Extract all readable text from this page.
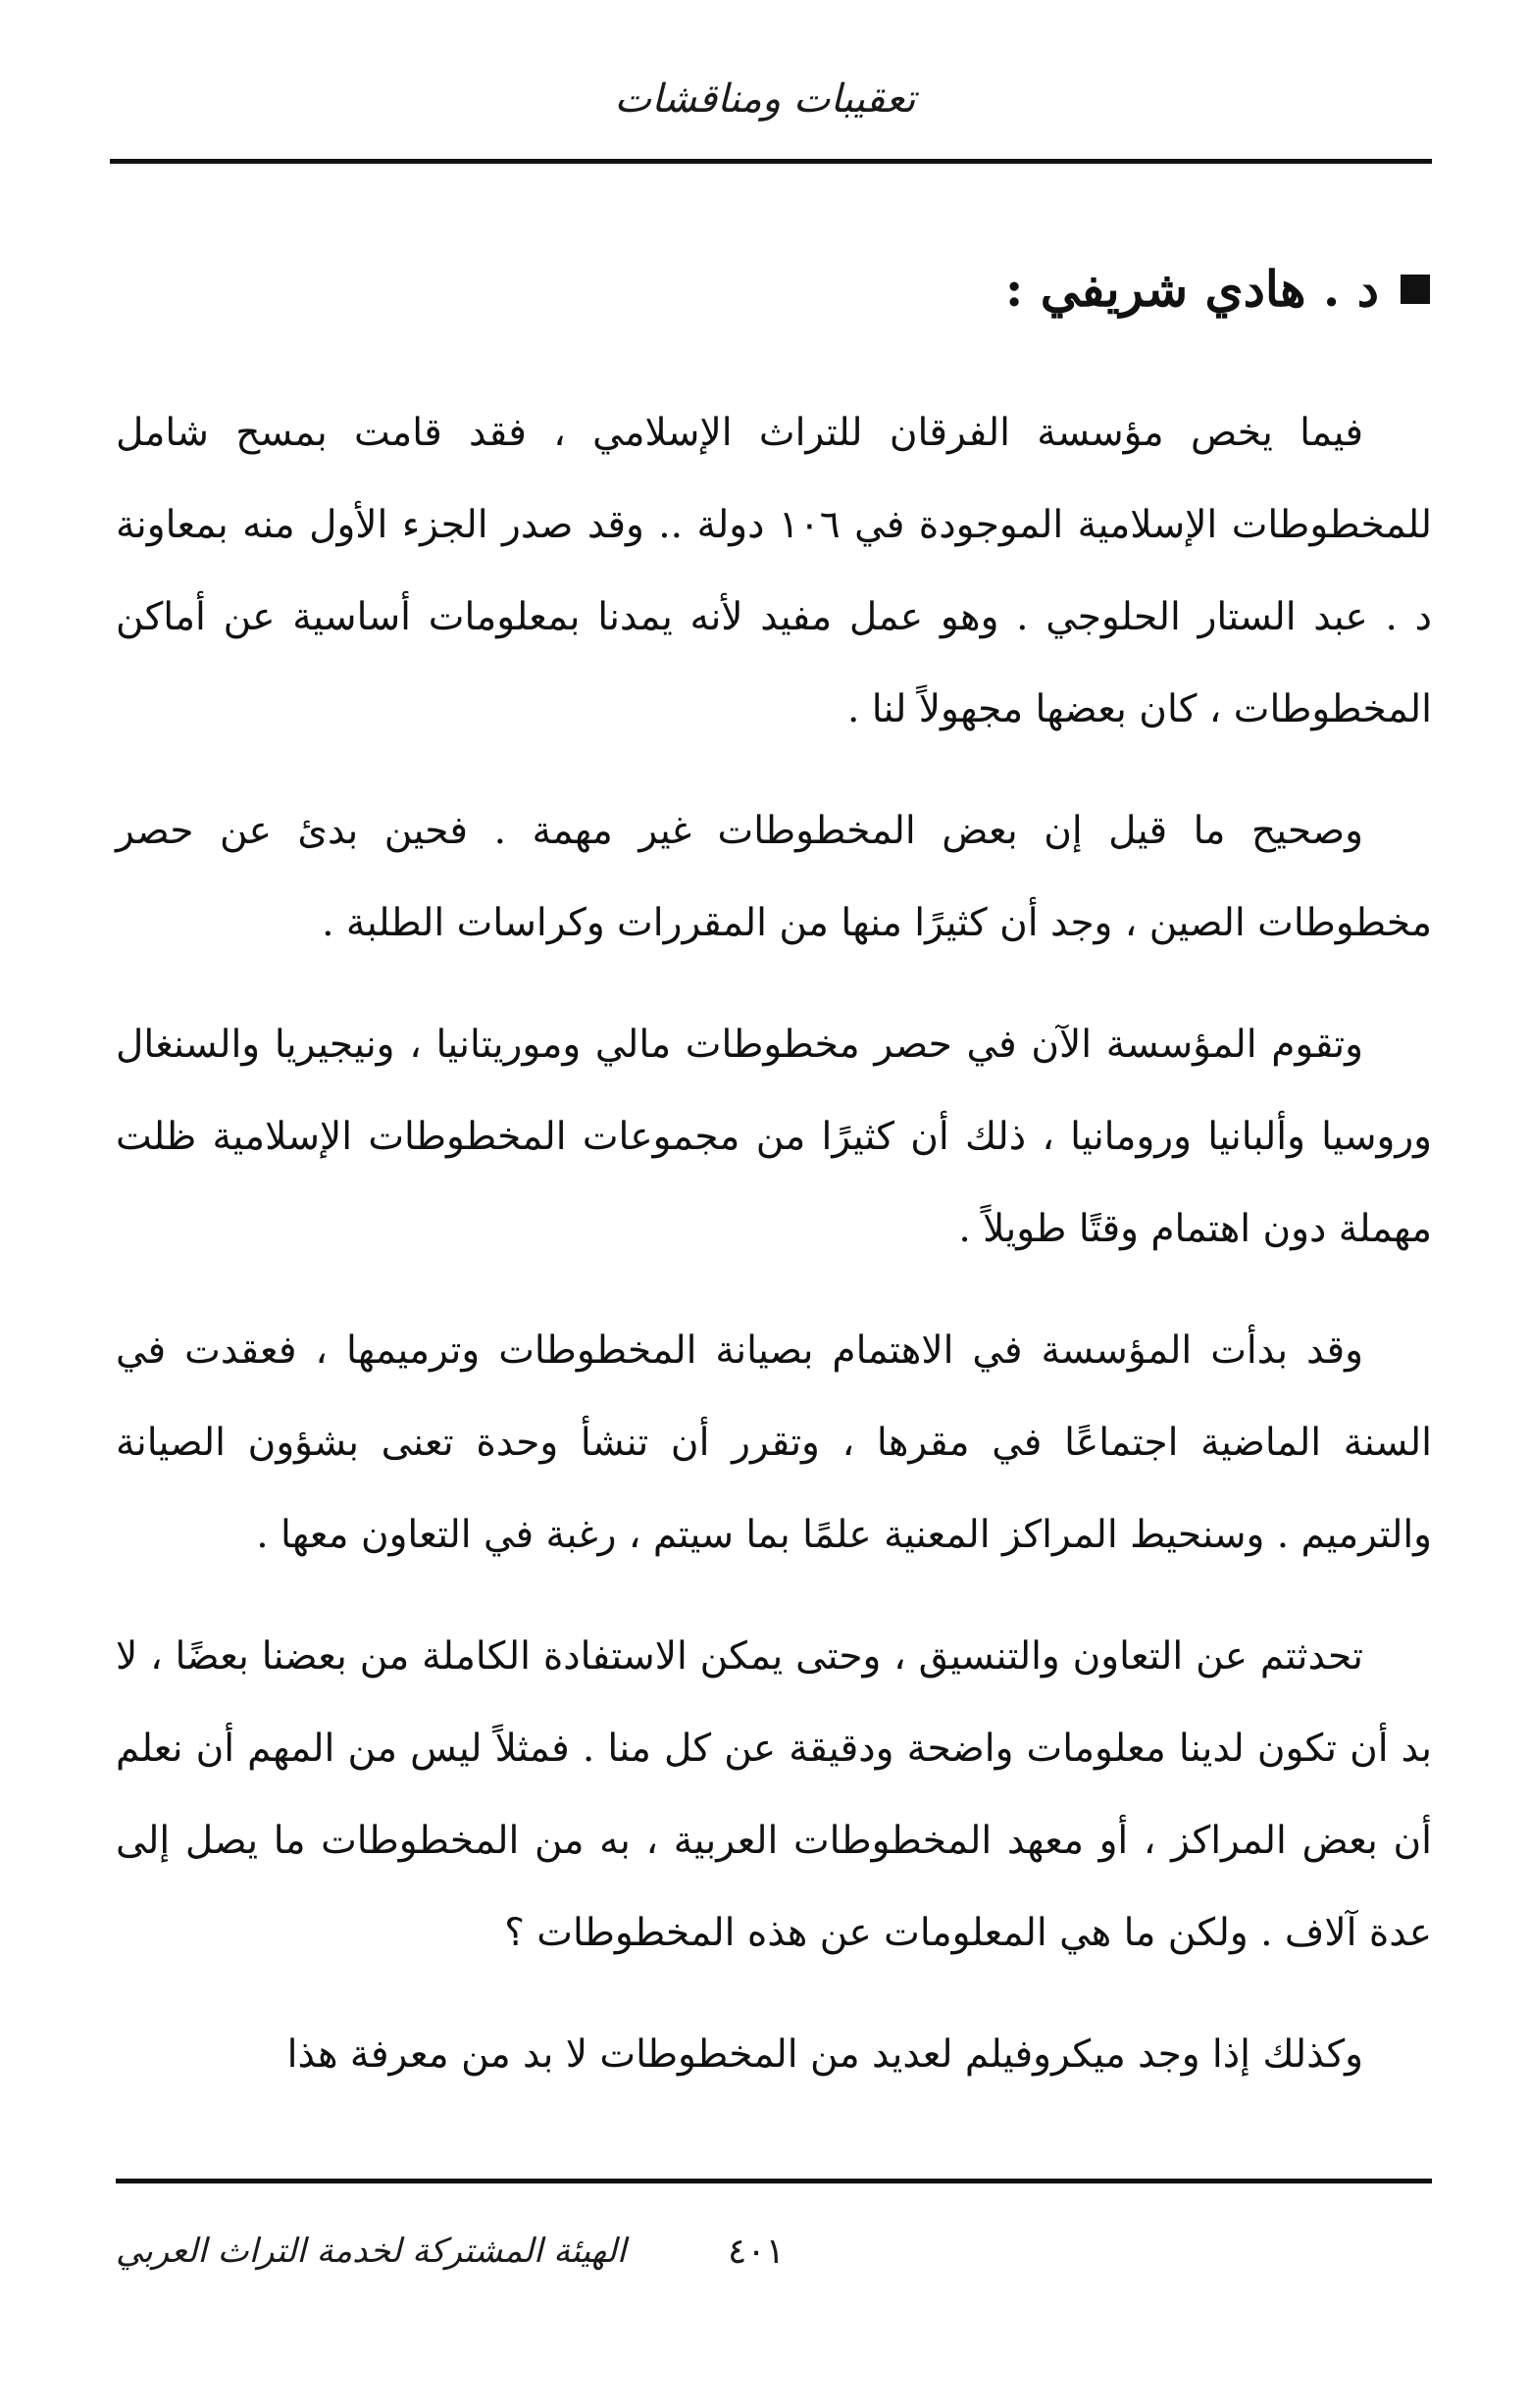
تعقيبات ومناقشات
د . هادي شريفي :

فيما يخص مؤسسة الفرقان للتراث الإسلامي ، فقد قامت بمسح شامل للمخطوطات الإسلامية الموجودة في ١٠٦ دولة .. وقد صدر الجزء الأول منه بمعاونة د . عبد الستار الحلوجي . وهو عمل مفيد لأنه يمدنا بمعلومات أساسية عن أماكن المخطوطات ، كان بعضها مجهولاً لنا .

وصحيح ما قيل إن بعض المخطوطات غير مهمة . فحين بدئ عن حصر مخطوطات الصين ، وجد أن كثيرًا منها من المقررات وكراسات الطلبة .

وتقوم المؤسسة الآن في حصر مخطوطات مالي وموريتانيا ، ونيجيريا والسنغال وروسيا وألبانيا ورومانيا ، ذلك أن كثيرًا من مجموعات المخطوطات الإسلامية ظلت مهملة دون اهتمام وقتًا طويلاً .

وقد بدأت المؤسسة في الاهتمام بصيانة المخطوطات وترميمها ، فعقدت في السنة الماضية اجتماعًا في مقرها ، وتقرر أن تنشأ وحدة تعنى بشؤون الصيانة والترميم . وسنحيط المراكز المعنية علمًا بما سيتم ، رغبة في التعاون معها .

تحدثتم عن التعاون والتنسيق ، وحتى يمكن الاستفادة الكاملة من بعضنا بعضًا ، لا بد أن تكون لدينا معلومات واضحة ودقيقة عن كل منا . فمثلاً ليس من المهم أن نعلم أن بعض المراكز ، أو معهد المخطوطات العربية ، به من المخطوطات ما يصل إلى عدة آلاف . ولكن ما هي المعلومات عن هذه المخطوطات ؟

وكذلك إذا وجد ميكروفيلم لعديد من المخطوطات لا بد من معرفة هذا

٤٠١
الهيئة المشتركة لخدمة التراث العربي
